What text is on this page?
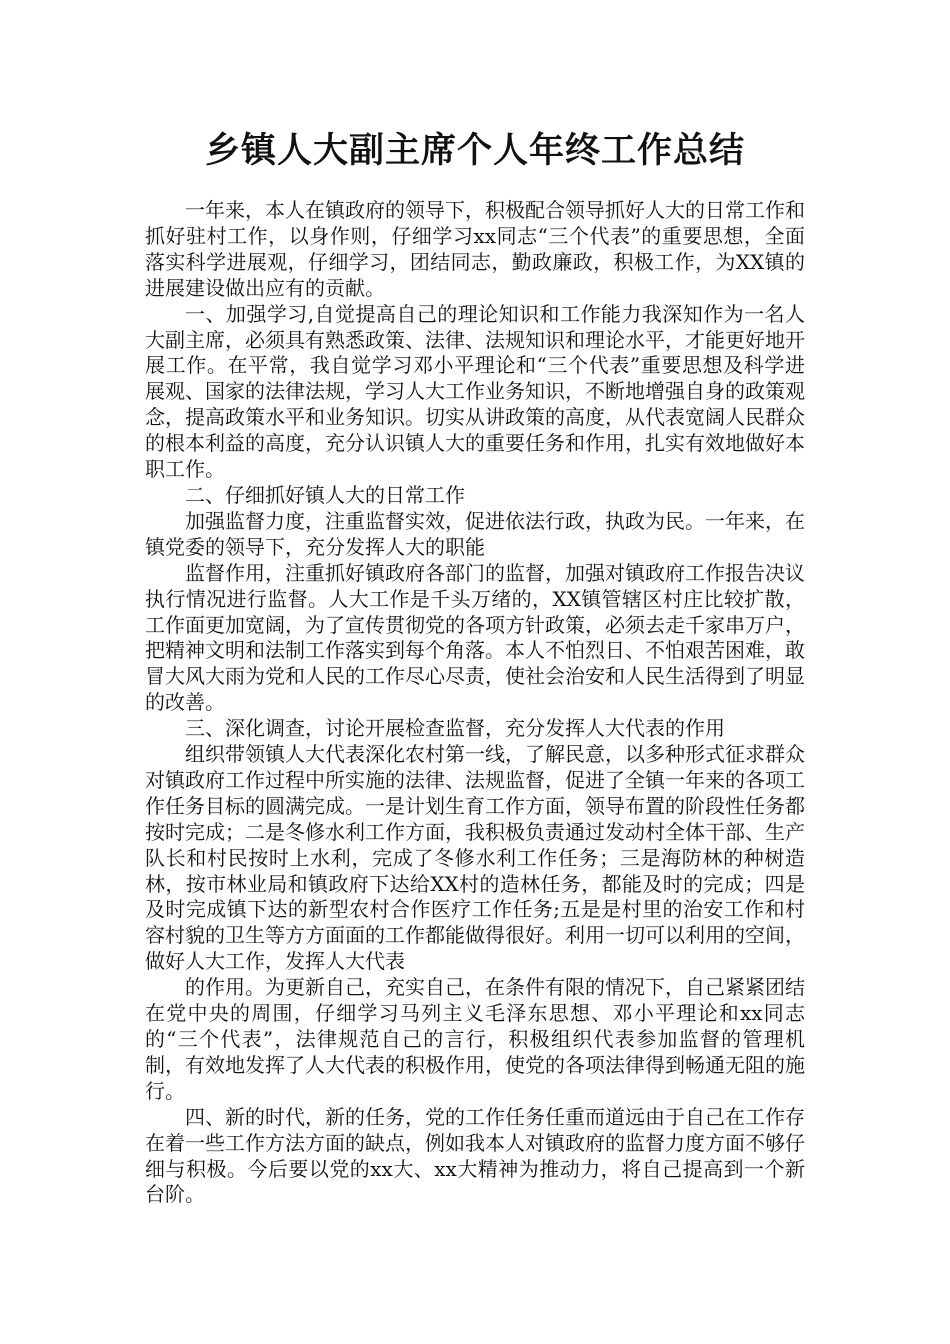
乡镇人大副主席个人年终工作总结

一年来，本人在镇政府的领导下，积极配合领导抓好人大的日常工作和抓好驻村工作，以身作则，仔细学习xx同志“三个代表”的重要思想，全面落实科学进展观，仔细学习，团结同志，勤政廉政，积极工作，为XX镇的进展建设做出应有的贡献。

一、加强学习,自觉提高自己的理论知识和工作能力我深知作为一名人大副主席，必须具有熟悉政策、法律、法规知识和理论水平，才能更好地开展工作。在平常，我自觉学习邓小平理论和“三个代表”重要思想及科学进展观、国家的法律法规，学习人大工作业务知识，不断地增强自身的政策观念，提高政策水平和业务知识。切实从讲政策的高度，从代表宽阔人民群众的根本利益的高度，充分认识镇人大的重要任务和作用，扎实有效地做好本职工作。

二、仔细抓好镇人大的日常工作

加强监督力度，注重监督实效，促进依法行政，执政为民。一年来，在镇党委的领导下，充分发挥人大的职能

监督作用，注重抓好镇政府各部门的监督，加强对镇政府工作报告决议执行情况进行监督。人大工作是千头万绪的，XX镇管辖区村庄比较扩散，工作面更加宽阔，为了宣传贯彻党的各项方针政策，必须去走千家串万户，把精神文明和法制工作落实到每个角落。本人不怕烈日、不怕艰苦困难，敢冒大风大雨为党和人民的工作尽心尽责，使社会治安和人民生活得到了明显的改善。

三、深化调查，讨论开展检查监督，充分发挥人大代表的作用

组织带领镇人大代表深化农村第一线，了解民意，以多种形式征求群众对镇政府工作过程中所实施的法律、法规监督，促进了全镇一年来的各项工作任务目标的圆满完成。一是计划生育工作方面，领导布置的阶段性任务都按时完成；二是冬修水利工作方面，我积极负责通过发动村全体干部、生产队长和村民按时上水利，完成了冬修水利工作任务；三是海防林的种树造林，按市林业局和镇政府下达给XX村的造林任务，都能及时的完成；四是及时完成镇下达的新型农村合作医疗工作任务;五是是村里的治安工作和村容村貌的卫生等方方面面的工作都能做得很好。利用一切可以利用的空间，做好人大工作，发挥人大代表

的作用。为更新自己，充实自己，在条件有限的情况下，自己紧紧团结在党中央的周围，仔细学习马列主义毛泽东思想、邓小平理论和xx同志的“三个代表”，法律规范自己的言行，积极组织代表参加监督的管理机制，有效地发挥了人大代表的积极作用，使党的各项法律得到畅通无阻的施行。

四、新的时代，新的任务，党的工作任务任重而道远由于自己在工作存在着一些工作方法方面的缺点，例如我本人对镇政府的监督力度方面不够仔细与积极。今后要以党的xx大、xx大精神为推动力，将自己提高到一个新台阶。
